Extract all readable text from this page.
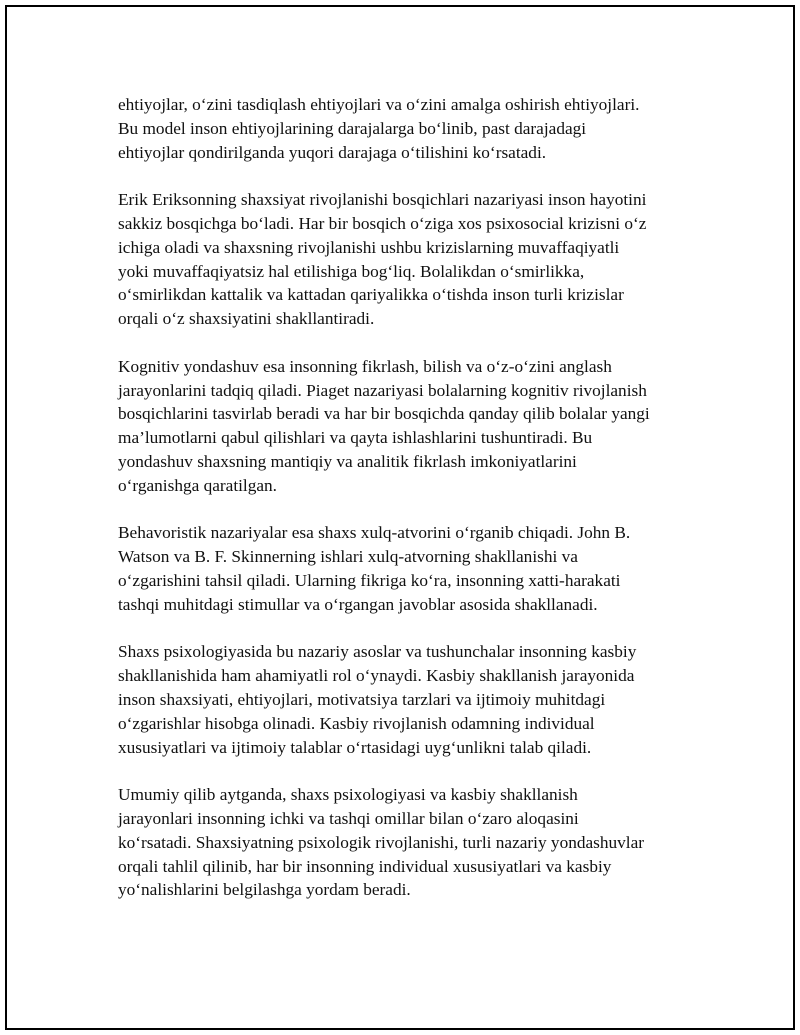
ehtiyojlar, o‘zini tasdiqlash ehtiyojlari va o‘zini amalga oshirish ehtiyojlari.
Bu model inson ehtiyojlarining darajalarga bo‘linib, past darajadagi
ehtiyojlar qondirilganda yuqori darajaga o‘tilishini ko‘rsatadi.

Erik Eriksonning shaxsiyat rivojlanishi bosqichlari nazariyasi inson hayotini
sakkiz bosqichga bo‘ladi. Har bir bosqich o‘ziga xos psixosocial krizisni o‘z
ichiga oladi va shaxsning rivojlanishi ushbu krizislarning muvaffaqiyatli
yoki muvaffaqiyatsiz hal etilishiga bog‘liq. Bolalikdan o‘smirlikka,
o‘smirlikdan kattalik va kattadan qariyalikka o‘tishda inson turli krizislar
orqali o‘z shaxsiyatini shakllantiradi.

Kognitiv yondashuv esa insonning fikrlash, bilish va o‘z-o‘zini anglash
jarayonlarini tadqiq qiladi. Piaget nazariyasi bolalarning kognitiv rivojlanish
bosqichlarini tasvirlab beradi va har bir bosqichda qanday qilib bolalar yangi
ma’lumotlarni qabul qilishlari va qayta ishlashlarini tushuntiradi. Bu
yondashuv shaxsning mantiqiy va analitik fikrlash imkoniyatlarini
o‘rganishga qaratilgan.

Behavoristik nazariyalar esa shaxs xulq-atvorini o‘rganib chiqadi. John B.
Watson va B. F. Skinnerning ishlari xulq-atvorning shakllanishi va
o‘zgarishini tahsil qiladi. Ularning fikriga ko‘ra, insonning xatti-harakati
tashqi muhitdagi stimullar va o‘rgangan javoblar asosida shakllanadi.

Shaxs psixologiyasida bu nazariy asoslar va tushunchalar insonning kasbiy
shakllanishida ham ahamiyatli rol o‘ynaydi. Kasbiy shakllanish jarayonida
inson shaxsiyati, ehtiyojlari, motivatsiya tarzlari va ijtimoiy muhitdagi
o‘zgarishlar hisobga olinadi. Kasbiy rivojlanish odamning individual
xususiyatlari va ijtimoiy talablar o‘rtasidagi uyg‘unlikni talab qiladi.

Umumiy qilib aytganda, shaxs psixologiyasi va kasbiy shakllanish
jarayonlari insonning ichki va tashqi omillar bilan o‘zaro aloqasini
ko‘rsatadi. Shaxsiyatning psixologik rivojlanishi, turli nazariy yondashuvlar
orqali tahlil qilinib, har bir insonning individual xususiyatlari va kasbiy
yo‘nalishlarini belgilashga yordam beradi.
